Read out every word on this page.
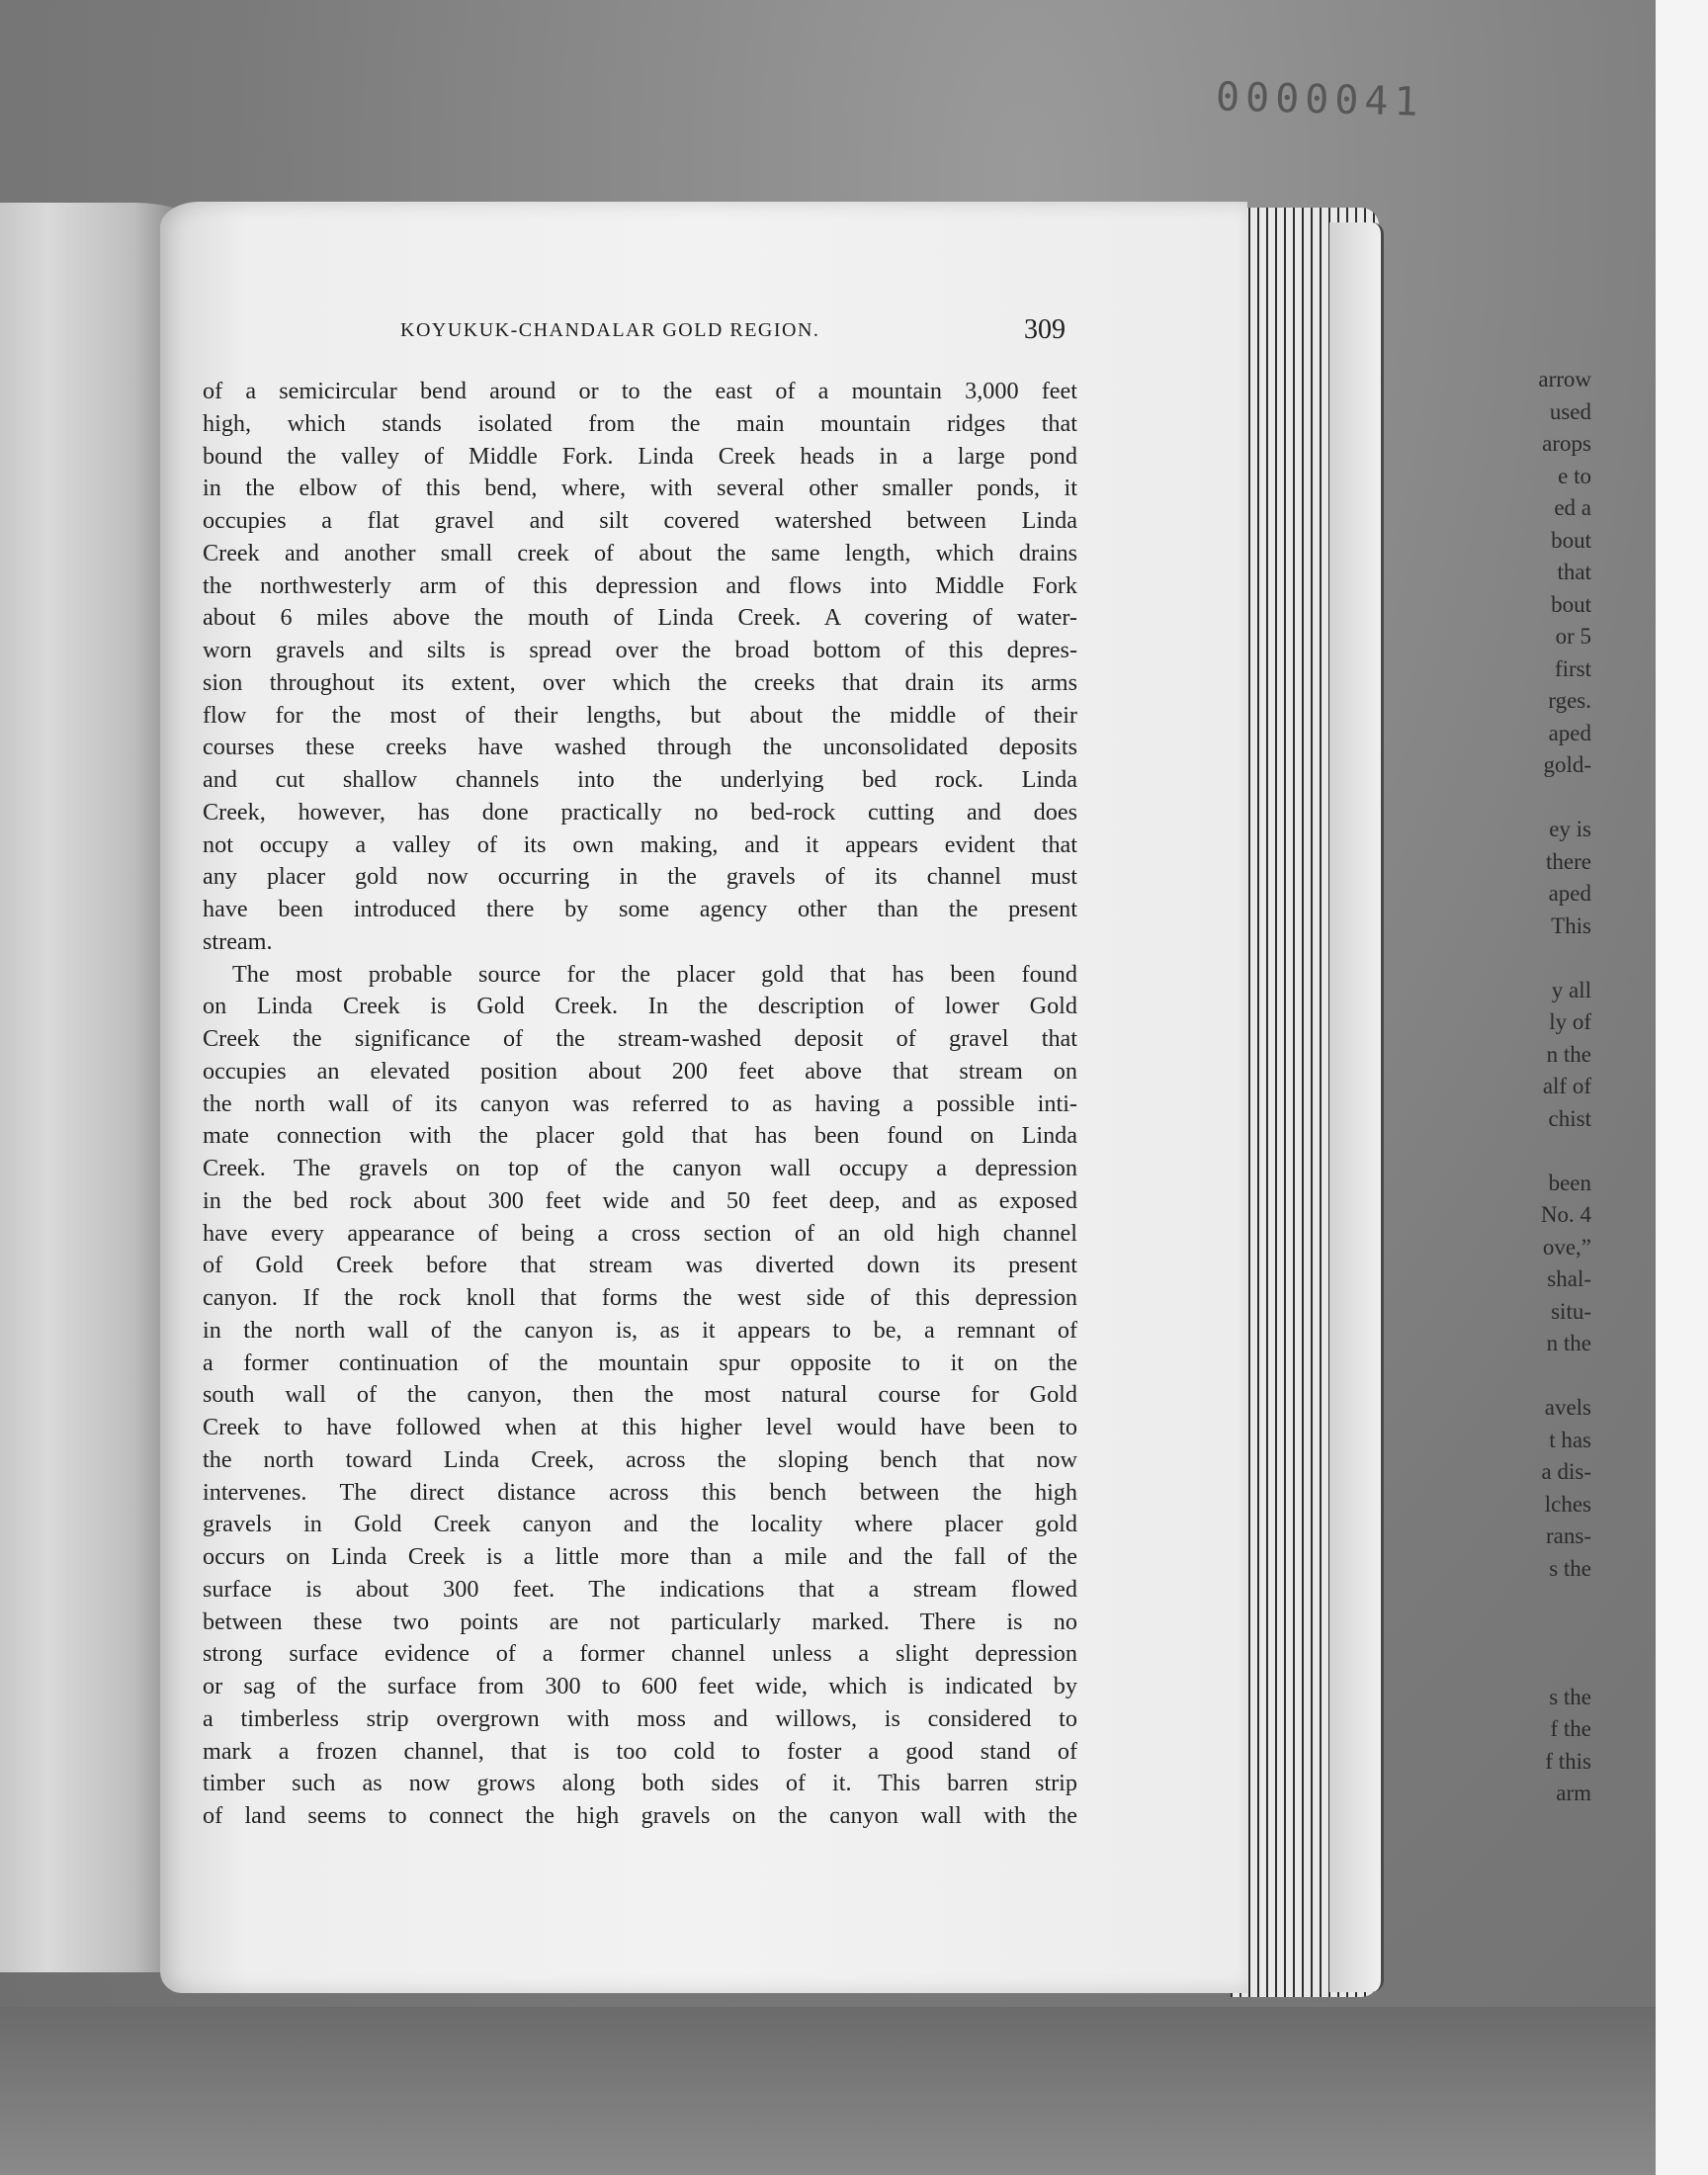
0000041
arrow
used
arops
e to
ed a
bout
that
bout
or 5
first
rges.
aped
gold-
ey is
there
aped
This
y all
ly of
n the
alf of
chist
been
No. 4
ove,”
shal-
situ-
n the
avels
t has
a dis-
lches
rans-
s the
s the
f the
f this
arm
KOYUKUK-CHANDALAR GOLD REGION.	309
of a semicircular bend around or to the east of a mountain 3,000 feet
high, which stands isolated from the main mountain ridges that
bound the valley of Middle Fork. Linda Creek heads in a large pond
in the elbow of this bend, where, with several other smaller ponds, it
occupies a flat gravel and silt covered watershed between Linda
Creek and another small creek of about the same length, which drains
the northwesterly arm of this depression and flows into Middle Fork
about 6 miles above the mouth of Linda Creek. A covering of water-
worn gravels and silts is spread over the broad bottom of this depres-
sion throughout its extent, over which the creeks that drain its arms
flow for the most of their lengths, but about the middle of their
courses these creeks have washed through the unconsolidated deposits
and cut shallow channels into the underlying bed rock. Linda
Creek, however, has done practically no bed-rock cutting and does
not occupy a valley of its own making, and it appears evident that
any placer gold now occurring in the gravels of its channel must
have been introduced there by some agency other than the present
stream.
The most probable source for the placer gold that has been found
on Linda Creek is Gold Creek. In the description of lower Gold
Creek the significance of the stream-washed deposit of gravel that
occupies an elevated position about 200 feet above that stream on
the north wall of its canyon was referred to as having a possible inti-
mate connection with the placer gold that has been found on Linda
Creek. The gravels on top of the canyon wall occupy a depression
in the bed rock about 300 feet wide and 50 feet deep, and as exposed
have every appearance of being a cross section of an old high channel
of Gold Creek before that stream was diverted down its present
canyon. If the rock knoll that forms the west side of this depression
in the north wall of the canyon is, as it appears to be, a remnant of
a former continuation of the mountain spur opposite to it on the
south wall of the canyon, then the most natural course for Gold
Creek to have followed when at this higher level would have been to
the north toward Linda Creek, across the sloping bench that now
intervenes. The direct distance across this bench between the high
gravels in Gold Creek canyon and the locality where placer gold
occurs on Linda Creek is a little more than a mile and the fall of the
surface is about 300 feet. The indications that a stream flowed
between these two points are not particularly marked. There is no
strong surface evidence of a former channel unless a slight depression
or sag of the surface from 300 to 600 feet wide, which is indicated by
a timberless strip overgrown with moss and willows, is considered to
mark a frozen channel, that is too cold to foster a good stand of
timber such as now grows along both sides of it. This barren strip
of land seems to connect the high gravels on the canyon wall with the
